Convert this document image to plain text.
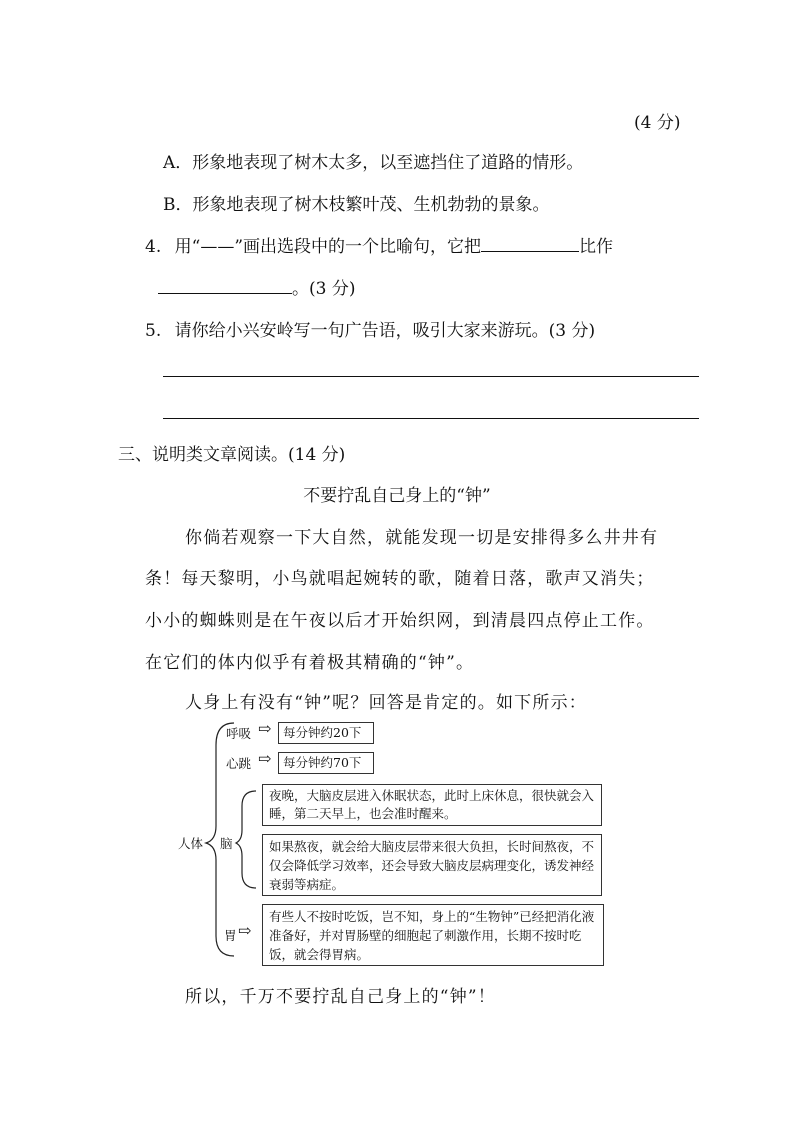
(4 分)
A．形象地表现了树木太多，以至遮挡住了道路的情形。
B．形象地表现了树木枝繁叶茂、生机勃勃的景象。
4. 用“——”画出选段中的一个比喻句，它把	比作
。(3 分)
5. 请你给小兴安岭写一句广告语，吸引大家来游玩。(3 分)
三、说明类文章阅读。(14 分)
不要拧乱自己身上的“钟”
你倘若观察一下大自然，就能发现一切是安排得多么井井有
条！每天黎明，小鸟就唱起婉转的歌，随着日落，歌声又消失；
小小的蜘蛛则是在午夜以后才开始织网，到清晨四点停止工作。
在它们的体内似乎有着极其精确的“钟”。
人身上有没有“钟”呢？回答是肯定的。如下所示：
人体
呼吸 ⇨ 每分钟约20下
心跳 ⇨ 每分钟约70下
脑
夜晚，大脑皮层进入休眠状态，此时上床休息，很快就会入睡，第二天早上，也会准时醒来。
如果熬夜，就会给大脑皮层带来很大负担，长时间熬夜，不仅会降低学习效率，还会导致大脑皮层病理变化，诱发神经衰弱等病症。
胃 ⇨
有些人不按时吃饭，岂不知，身上的“生物钟”已经把消化液准备好，并对胃肠壁的细胞起了刺激作用，长期不按时吃饭，就会得胃病。
所以，千万不要拧乱自己身上的“钟”！
